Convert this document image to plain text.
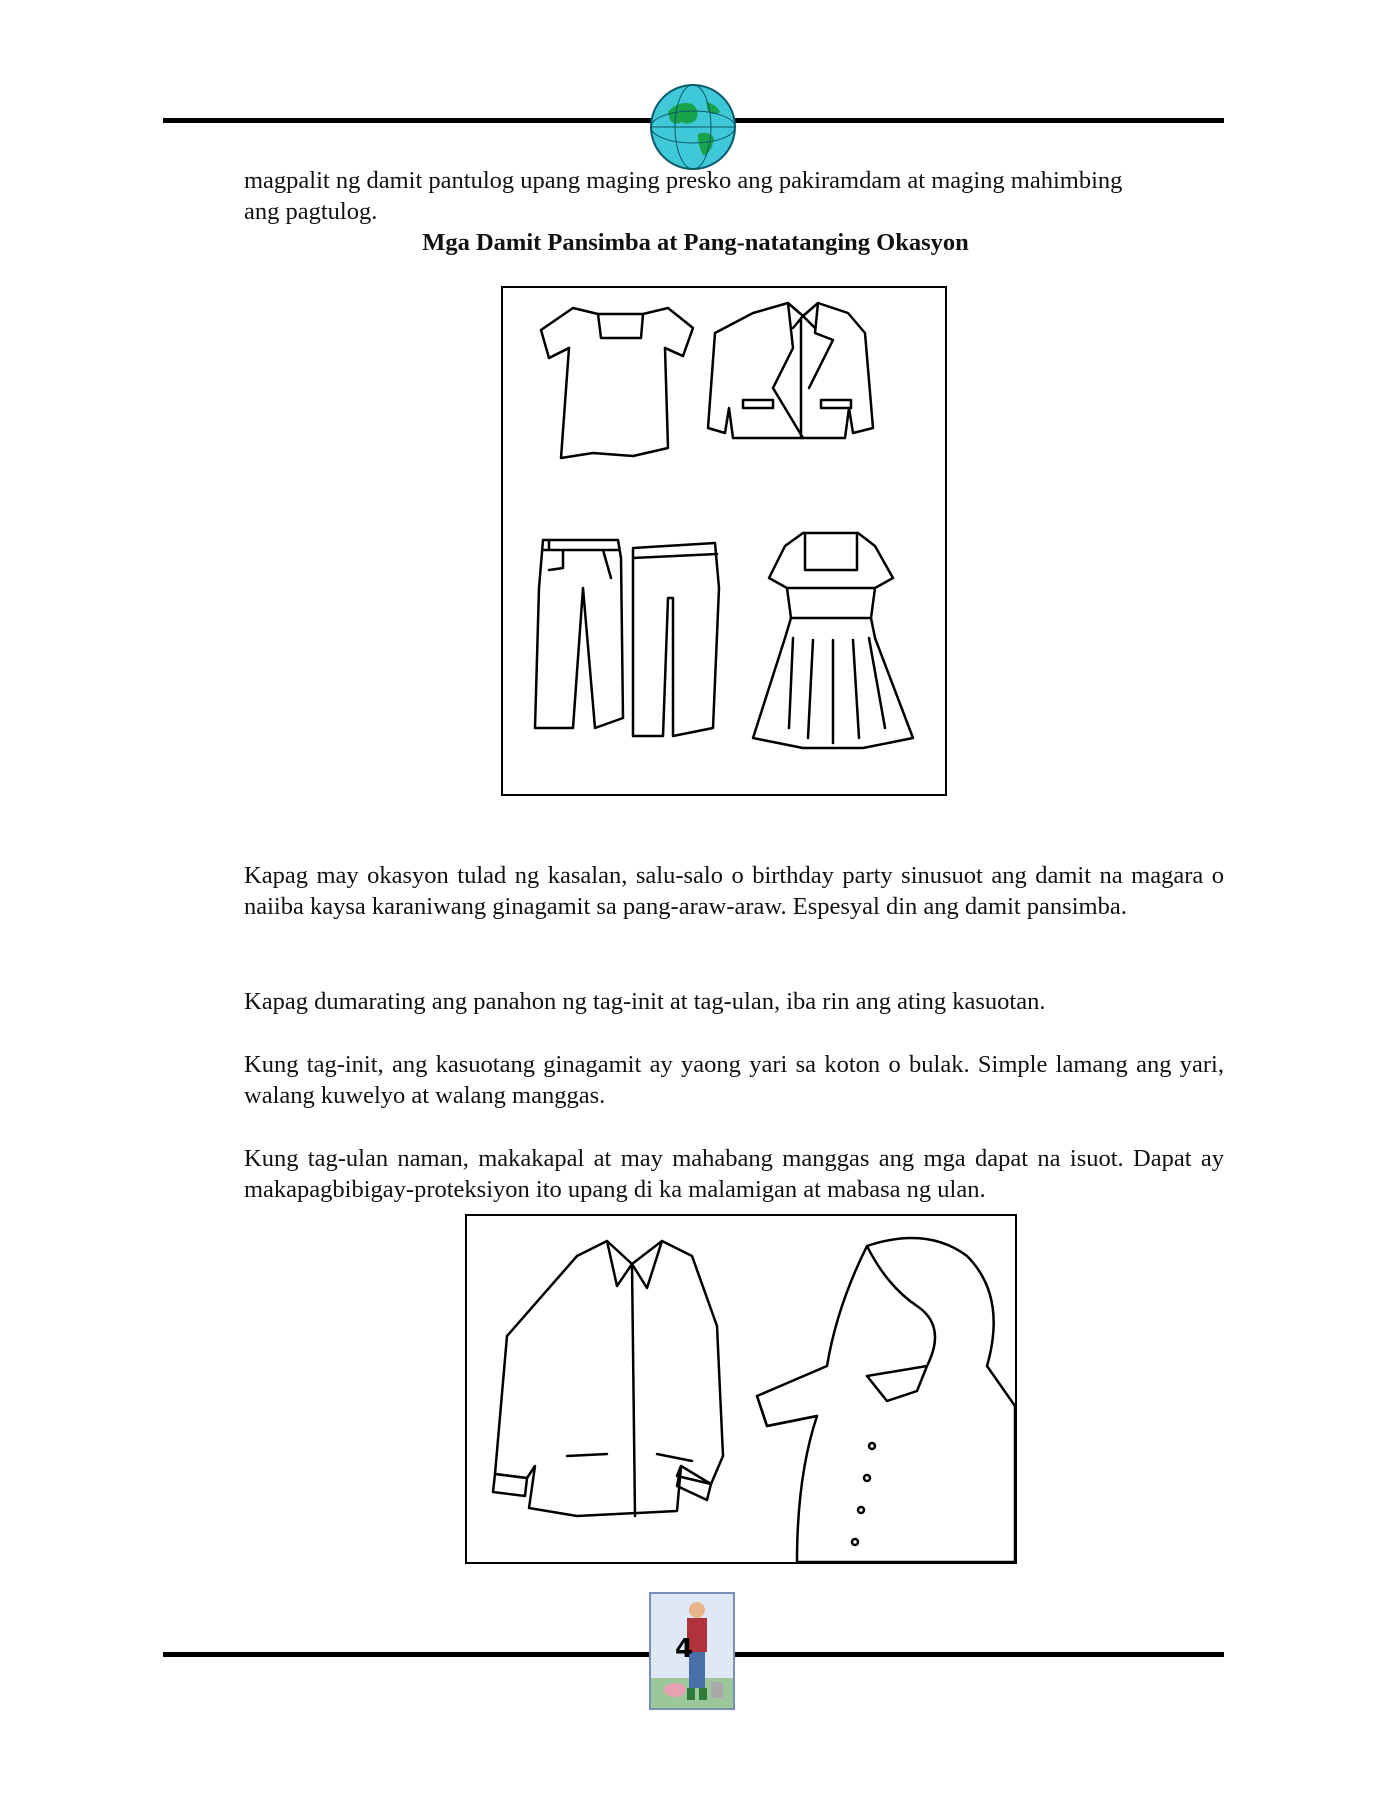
magpalit ng damit pantulog upang maging presko ang pakiramdam at maging mahimbing

ang pagtulog.

Mga Damit Pansimba at Pang-natatanging Okasyon

Kapag may okasyon tulad ng kasalan, salu-salo o birthday party sinusuot ang damit na magara o naiiba kaysa karaniwang ginagamit sa pang-araw-araw. Espesyal din ang damit pansimba.

Kapag dumarating ang panahon ng tag-init at tag-ulan, iba rin ang ating kasuotan.

Kung tag-init, ang kasuotang ginagamit ay yaong yari sa koton o bulak. Simple lamang ang yari, walang kuwelyo at walang manggas.

Kung tag-ulan naman, makakapal at may mahabang manggas ang mga dapat na isuot. Dapat ay makapagbibigay-proteksiyon ito upang di ka malamigan at mabasa ng ulan.

4
